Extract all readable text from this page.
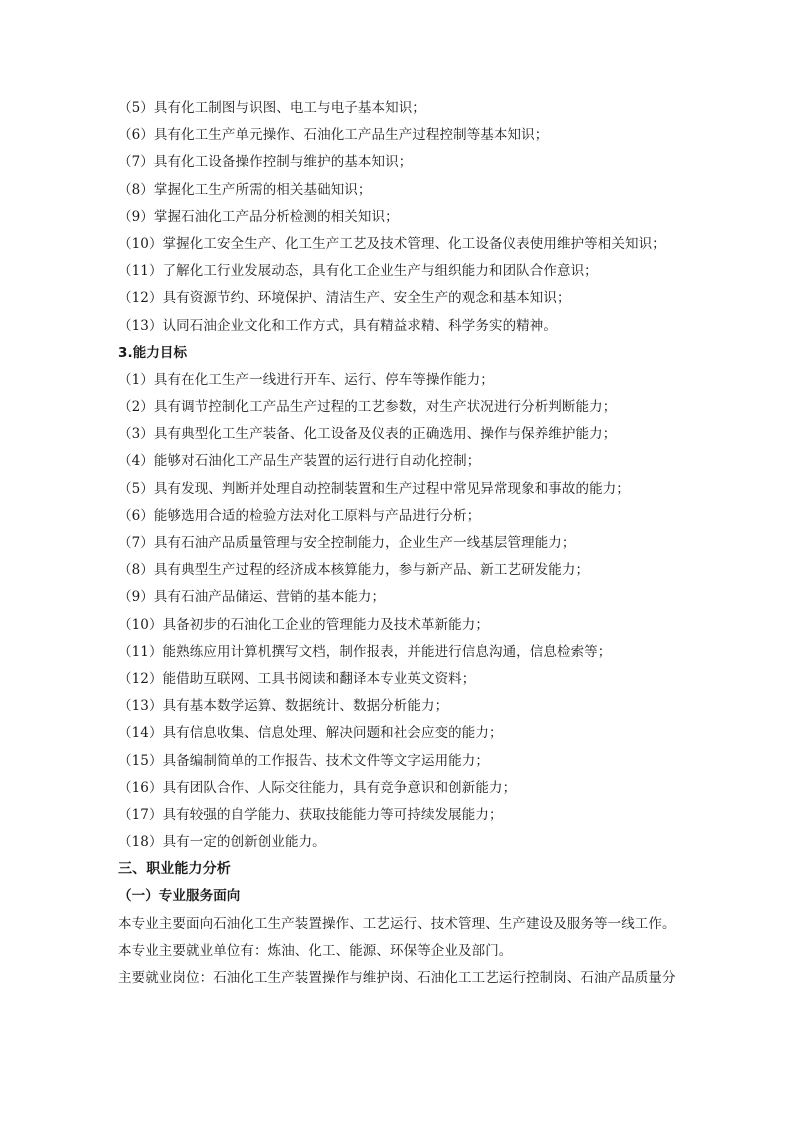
（5）具有化工制图与识图、电工与电子基本知识；
（6）具有化工生产单元操作、石油化工产品生产过程控制等基本知识；
（7）具有化工设备操作控制与维护的基本知识；
（8）掌握化工生产所需的相关基础知识；
（9）掌握石油化工产品分析检测的相关知识；
（10）掌握化工安全生产、化工生产工艺及技术管理、化工设备仪表使用维护等相关知识；
（11）了解化工行业发展动态，具有化工企业生产与组织能力和团队合作意识；
（12）具有资源节约、环境保护、清洁生产、安全生产的观念和基本知识；
（13）认同石油企业文化和工作方式，具有精益求精、科学务实的精神。
3.能力目标
（1）具有在化工生产一线进行开车、运行、停车等操作能力；
（2）具有调节控制化工产品生产过程的工艺参数，对生产状况进行分析判断能力；
（3）具有典型化工生产装备、化工设备及仪表的正确选用、操作与保养维护能力；
（4）能够对石油化工产品生产装置的运行进行自动化控制；
（5）具有发现、判断并处理自动控制装置和生产过程中常见异常现象和事故的能力；
（6）能够选用合适的检验方法对化工原料与产品进行分析；
（7）具有石油产品质量管理与安全控制能力，企业生产一线基层管理能力；
（8）具有典型生产过程的经济成本核算能力，参与新产品、新工艺研发能力；
（9）具有石油产品储运、营销的基本能力；
（10）具备初步的石油化工企业的管理能力及技术革新能力；
（11）能熟练应用计算机撰写文档，制作报表，并能进行信息沟通，信息检索等；
（12）能借助互联网、工具书阅读和翻译本专业英文资料；
（13）具有基本数学运算、数据统计、数据分析能力；
（14）具有信息收集、信息处理、解决问题和社会应变的能力；
（15）具备编制简单的工作报告、技术文件等文字运用能力；
（16）具有团队合作、人际交往能力，具有竞争意识和创新能力；
（17）具有较强的自学能力、获取技能能力等可持续发展能力；
（18）具有一定的创新创业能力。
三、职业能力分析
（一）专业服务面向
本专业主要面向石油化工生产装置操作、工艺运行、技术管理、生产建设及服务等一线工作。
本专业主要就业单位有：炼油、化工、能源、环保等企业及部门。
主要就业岗位：石油化工生产装置操作与维护岗、石油化工工艺运行控制岗、石油产品质量分
